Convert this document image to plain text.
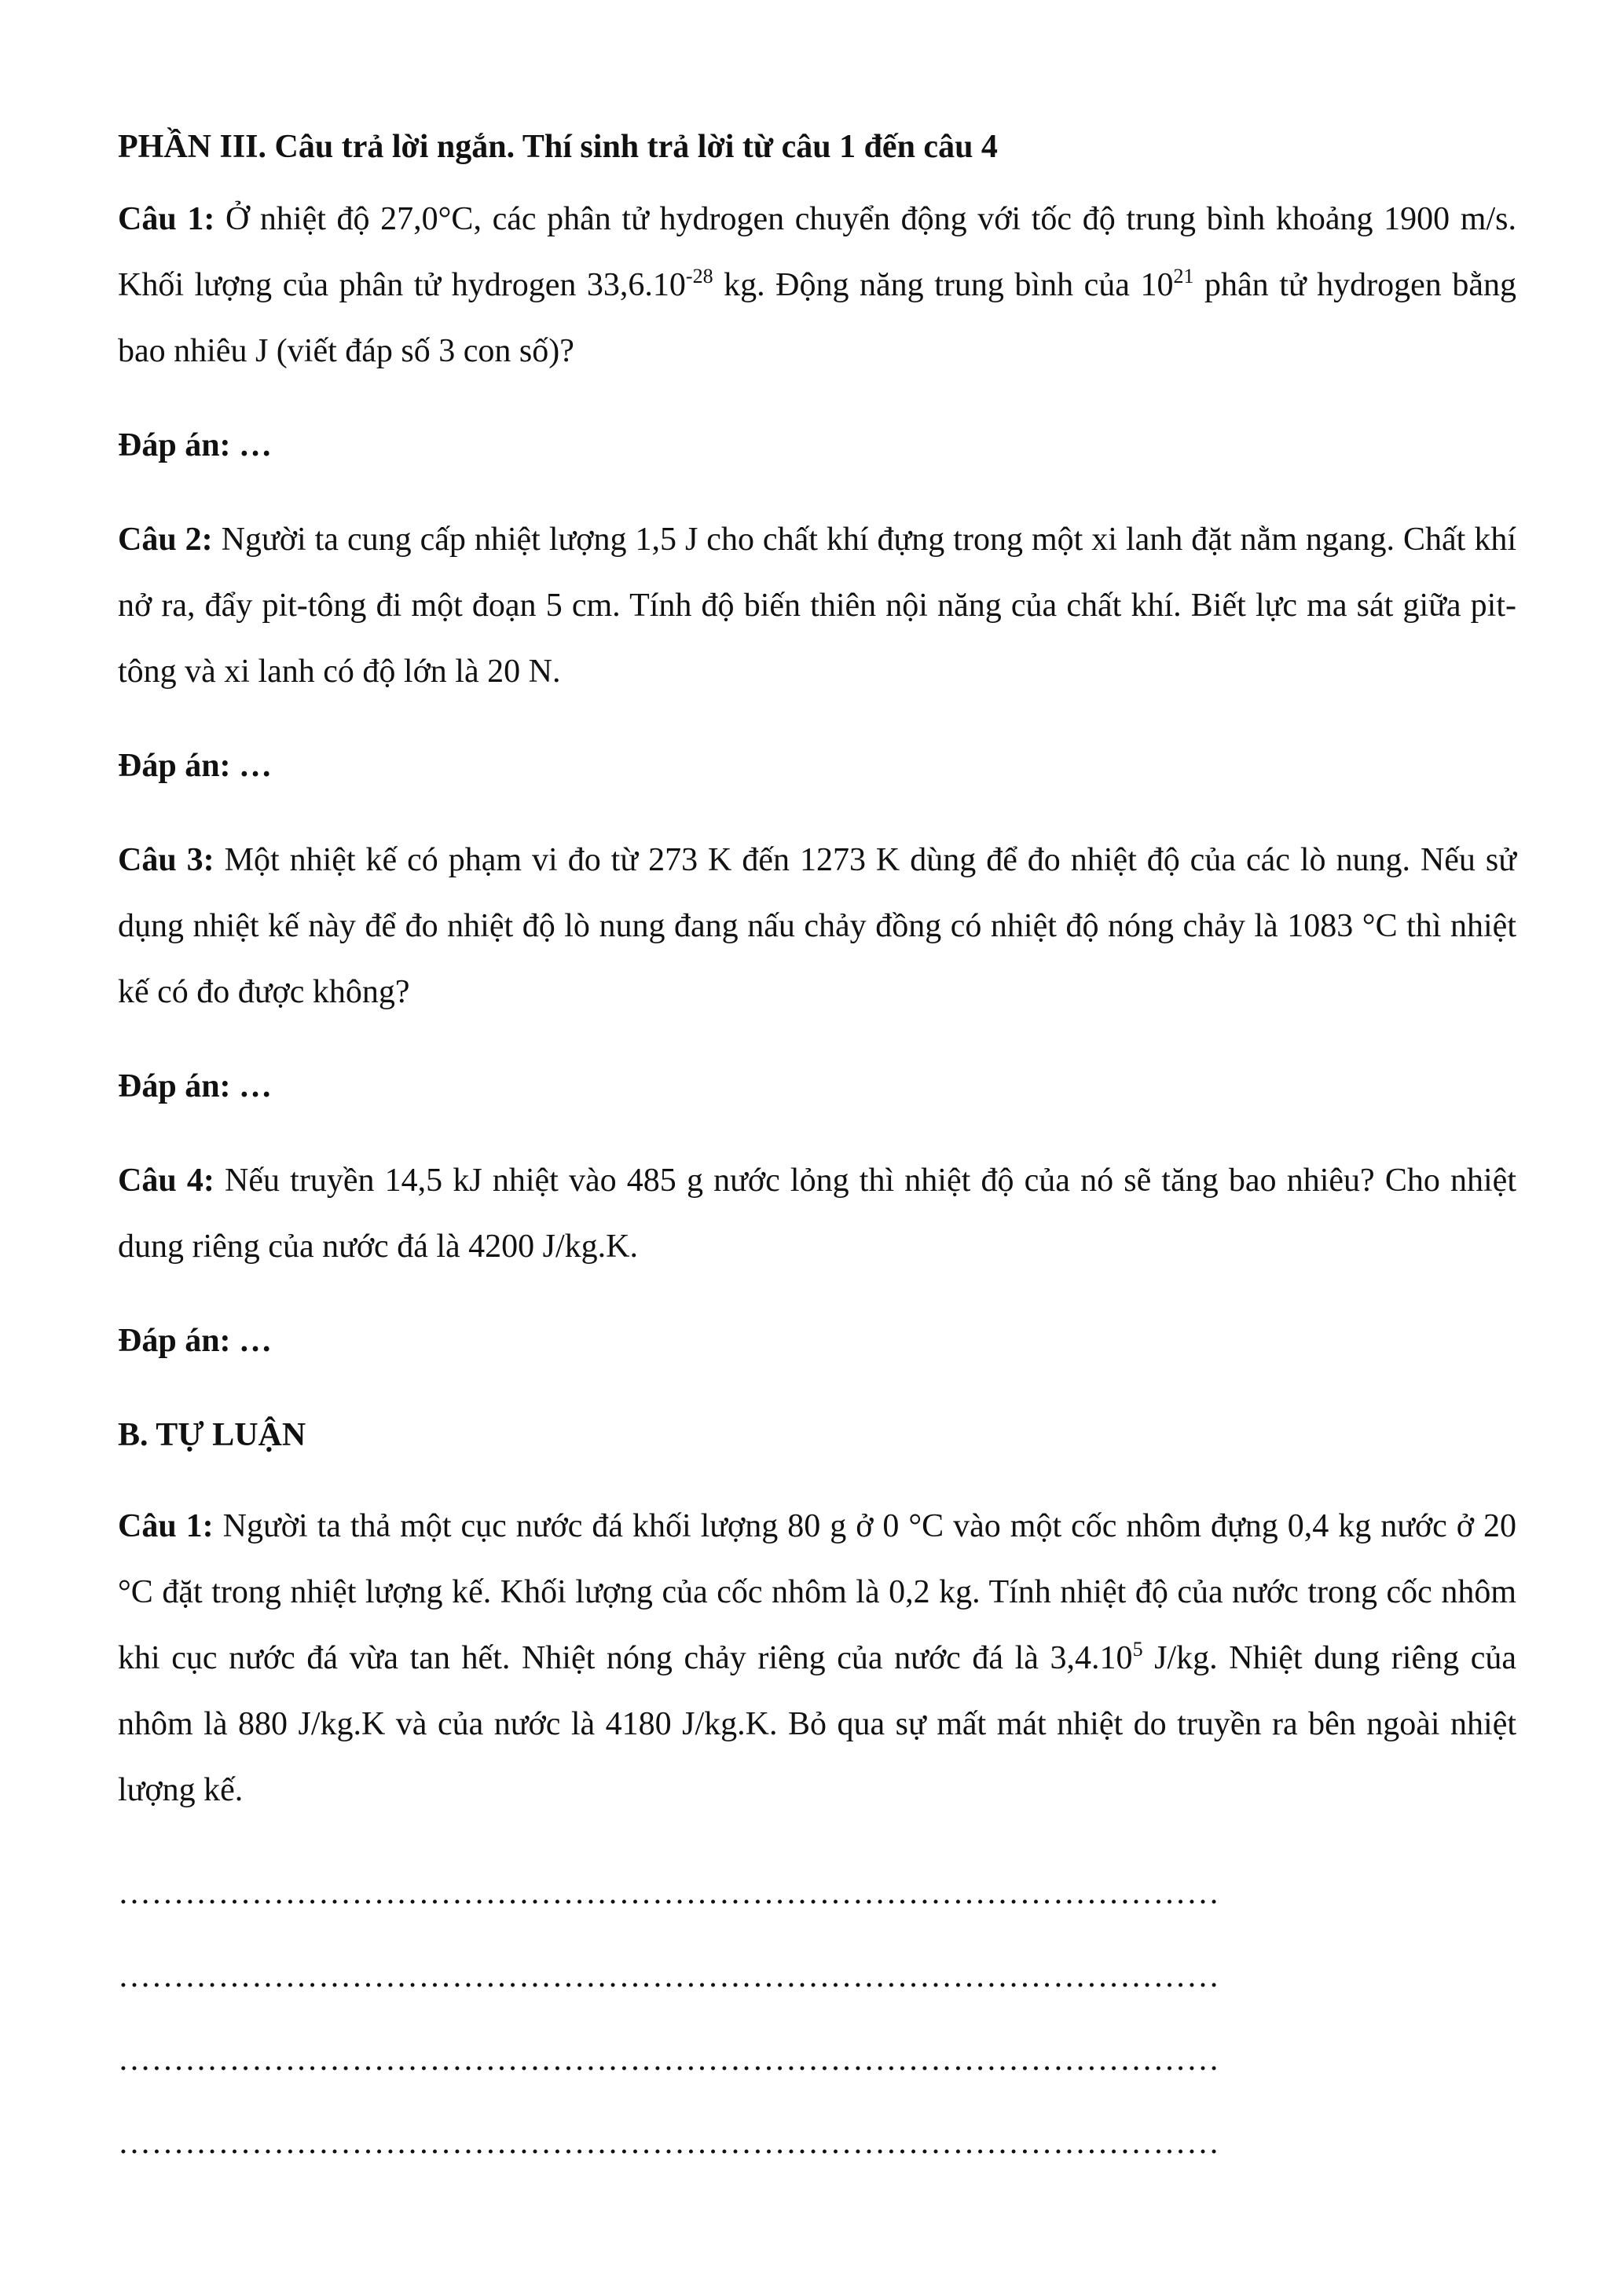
PHẦN III. Câu trả lời ngắn. Thí sinh trả lời từ câu 1 đến câu 4

Câu 1: Ở nhiệt độ 27,0°C, các phân tử hydrogen chuyển động với tốc độ trung bình khoảng 1900 m/s. Khối lượng của phân tử hydrogen $33,6.10^{-28}$ kg. Động năng trung bình của $10^{21}$ phân tử hydrogen bằng bao nhiêu J (viết đáp số 3 con số)?

Đáp án: …

Câu 2: Người ta cung cấp nhiệt lượng 1,5 J cho chất khí đựng trong một xi lanh đặt nằm ngang. Chất khí nở ra, đẩy pit-tông đi một đoạn 5 cm. Tính độ biến thiên nội năng của chất khí. Biết lực ma sát giữa pit-tông và xi lanh có độ lớn là 20 N.

Đáp án: …

Câu 3: Một nhiệt kế có phạm vi đo từ 273 K đến 1273 K dùng để đo nhiệt độ của các lò nung. Nếu sử dụng nhiệt kế này để đo nhiệt độ lò nung đang nấu chảy đồng có nhiệt độ nóng chảy là 1083 °C thì nhiệt kế có đo được không?

Đáp án: …

Câu 4: Nếu truyền 14,5 kJ nhiệt vào 485 g nước lỏng thì nhiệt độ của nó sẽ tăng bao nhiêu? Cho nhiệt dung riêng của nước đá là 4200 J/kg.K.

Đáp án: …

B. TỰ LUẬN

Câu 1: Người ta thả một cục nước đá khối lượng 80 g ở 0 °C vào một cốc nhôm đựng 0,4 kg nước ở 20 °C đặt trong nhiệt lượng kế. Khối lượng của cốc nhôm là 0,2 kg. Tính nhiệt độ của nước trong cốc nhôm khi cục nước đá vừa tan hết. Nhiệt nóng chảy riêng của nước đá là 3,4.10$^5$ J/kg. Nhiệt dung riêng của nhôm là 880 J/kg.K và của nước là 4180 J/kg.K. Bỏ qua sự mất mát nhiệt do truyền ra bên ngoài nhiệt lượng kế.

………………………………………………………………………………………

………………………………………………………………………………………

………………………………………………………………………………………

………………………………………………………………………………………
